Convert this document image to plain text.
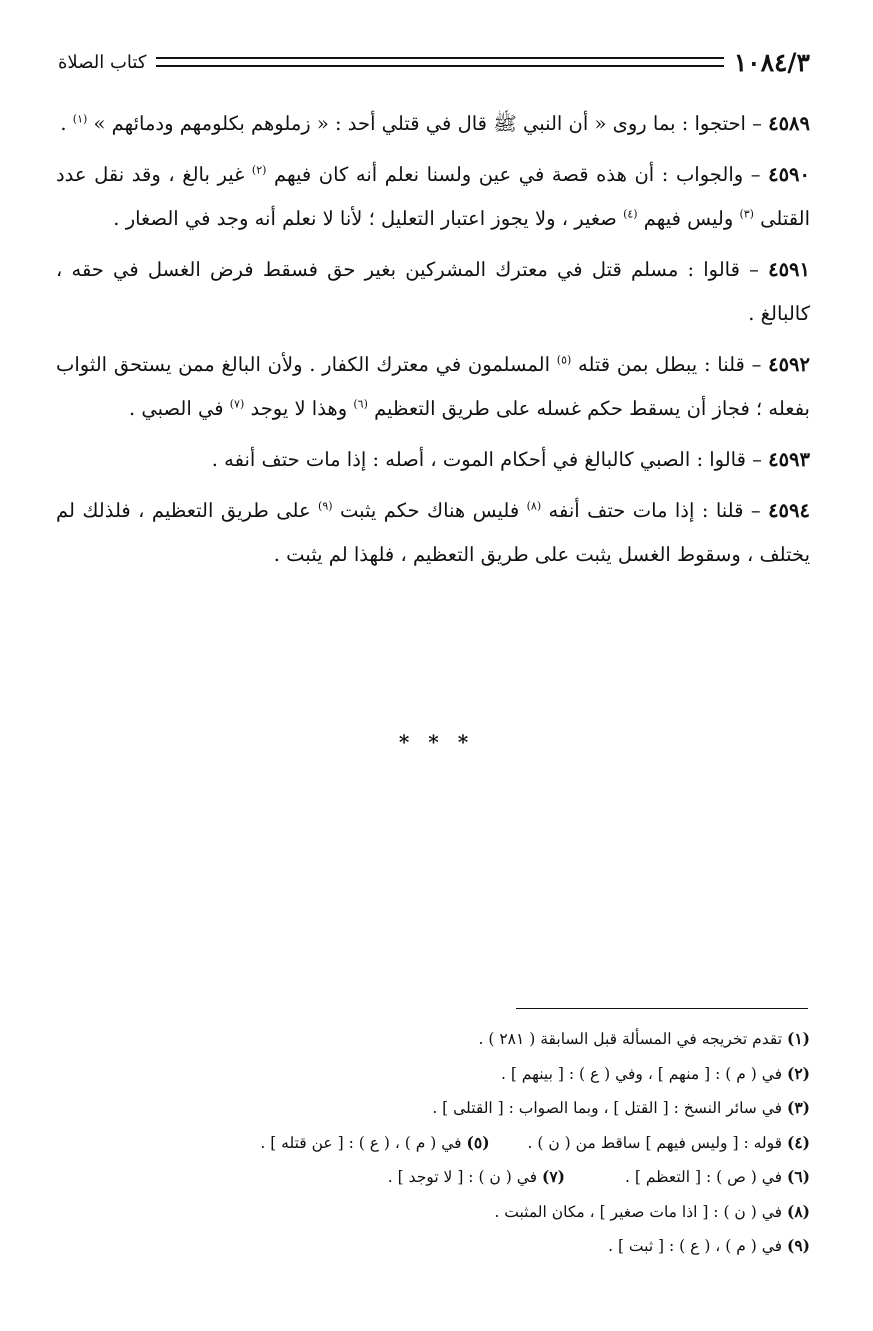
١٠٨٤/٣
كتاب الصلاة

٤٥٨٩ – احتجوا : بما روى « أن النبي ﷺ قال في قتلي أحد : « زملوهم بكلومهم ودمائهم » $^{(١)}$ .

٤٥٩٠ – والجواب : أن هذه قصة في عين ولسنا نعلم أنه كان فيهم $^{(٢)}$ غير بالغ ، وقد نقل عدد القتلى $^{(٣)}$ وليس فيهم $^{(٤)}$ صغير ، ولا يجوز اعتبار التعليل ؛ لأنا لا نعلم أنه وجد في الصغار .

٤٥٩١ – قالوا : مسلم قتل في معترك المشركين بغير حق فسقط فرض الغسل في حقه ، كالبالغ .

٤٥٩٢ – قلنا : يبطل بمن قتله $^{(٥)}$ المسلمون في معترك الكفار . ولأن البالغ ممن يستحق الثواب بفعله ؛ فجاز أن يسقط حكم غسله على طريق التعظيم $^{(٦)}$ وهذا لا يوجد $^{(٧)}$ في الصبي .

٤٥٩٣ – قالوا : الصبي كالبالغ في أحكام الموت ، أصله : إذا مات حتف أنفه .

٤٥٩٤ – قلنا : إذا مات حتف أنفه $^{(٨)}$ فليس هناك حكم يثبت $^{(٩)}$ على طريق التعظيم ، فلذلك لم يختلف ، وسقوط الغسل يثبت على طريق التعظيم ، فلهذا لم يثبت .

* * *
(١) تقدم تخريجه في المسألة قبل السابقة ( ٢٨١ ) .
(٢) في ( م ) : [ منهم ] ، وفي ( ع ) : [ بينهم ] .
(٣) في سائر النسخ : [ القتل ] ، وبما الصواب : [ القتلى ] .
(٤) قوله : [ وليس فيهم ] ساقط من ( ن ) .(٥) في ( م ) ، ( ع ) : [ عن قتله ] .
(٦) في ( ص ) : [ التعظم ] .(٧) في ( ن ) : [ لا توجد ] .
(٨) في ( ن ) : [ اذا مات صغير ] ، مكان المثبت .
(٩) في ( م ) ، ( ع ) : [ ثبت ] .
